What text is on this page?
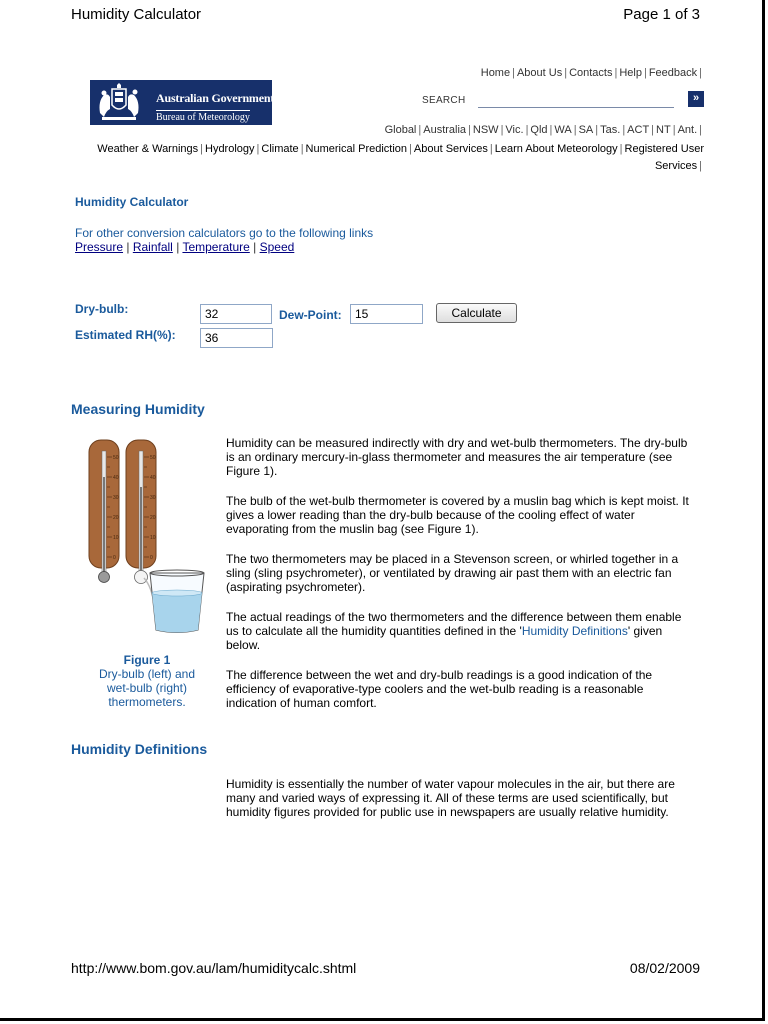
Humidity Calculator	Page 1 of 3
Australian Government
Bureau of Meteorology
Home | About Us | Contacts | Help | Feedback |
SEARCH	»
Global | Australia | NSW | Vic. | Qld | WA | SA | Tas. | ACT | NT | Ant. |
Weather & Warnings | Hydrology | Climate | Numerical Prediction | About Services | Learn About Meteorology | Registered User Services |
Humidity Calculator
For other conversion calculators go to the following links
Pressure | Rainfall | Temperature | Speed
Dry-bulb:
32	Dew-Point:
15	Calculate
Estimated RH(%):
36
Measuring Humidity
50
40
30
20
10
0
50
40
30
20
10
0
Figure 1
Dry-bulb (left) and wet-bulb (right) thermometers.
Humidity can be measured indirectly with dry and wet-bulb thermometers. The dry-bulb is an ordinary mercury-in-glass thermometer and measures the air temperature (see Figure 1).
The bulb of the wet-bulb thermometer is covered by a muslin bag which is kept moist. It gives a lower reading than the dry-bulb because of the cooling effect of water evaporating from the muslin bag (see Figure 1).
The two thermometers may be placed in a Stevenson screen, or whirled together in a sling (sling psychrometer), or ventilated by drawing air past them with an electric fan (aspirating psychrometer).
The actual readings of the two thermometers and the difference between them enable us to calculate all the humidity quantities defined in the 'Humidity Definitions' given below.
The difference between the wet and dry-bulb readings is a good indication of the efficiency of evaporative-type coolers and the wet-bulb reading is a reasonable indication of human comfort.
Humidity Definitions
Humidity is essentially the number of water vapour molecules in the air, but there are many and varied ways of expressing it. All of these terms are used scientifically, but humidity figures provided for public use in newspapers are usually relative humidity.
http://www.bom.gov.au/lam/humiditycalc.shtml	08/02/2009
